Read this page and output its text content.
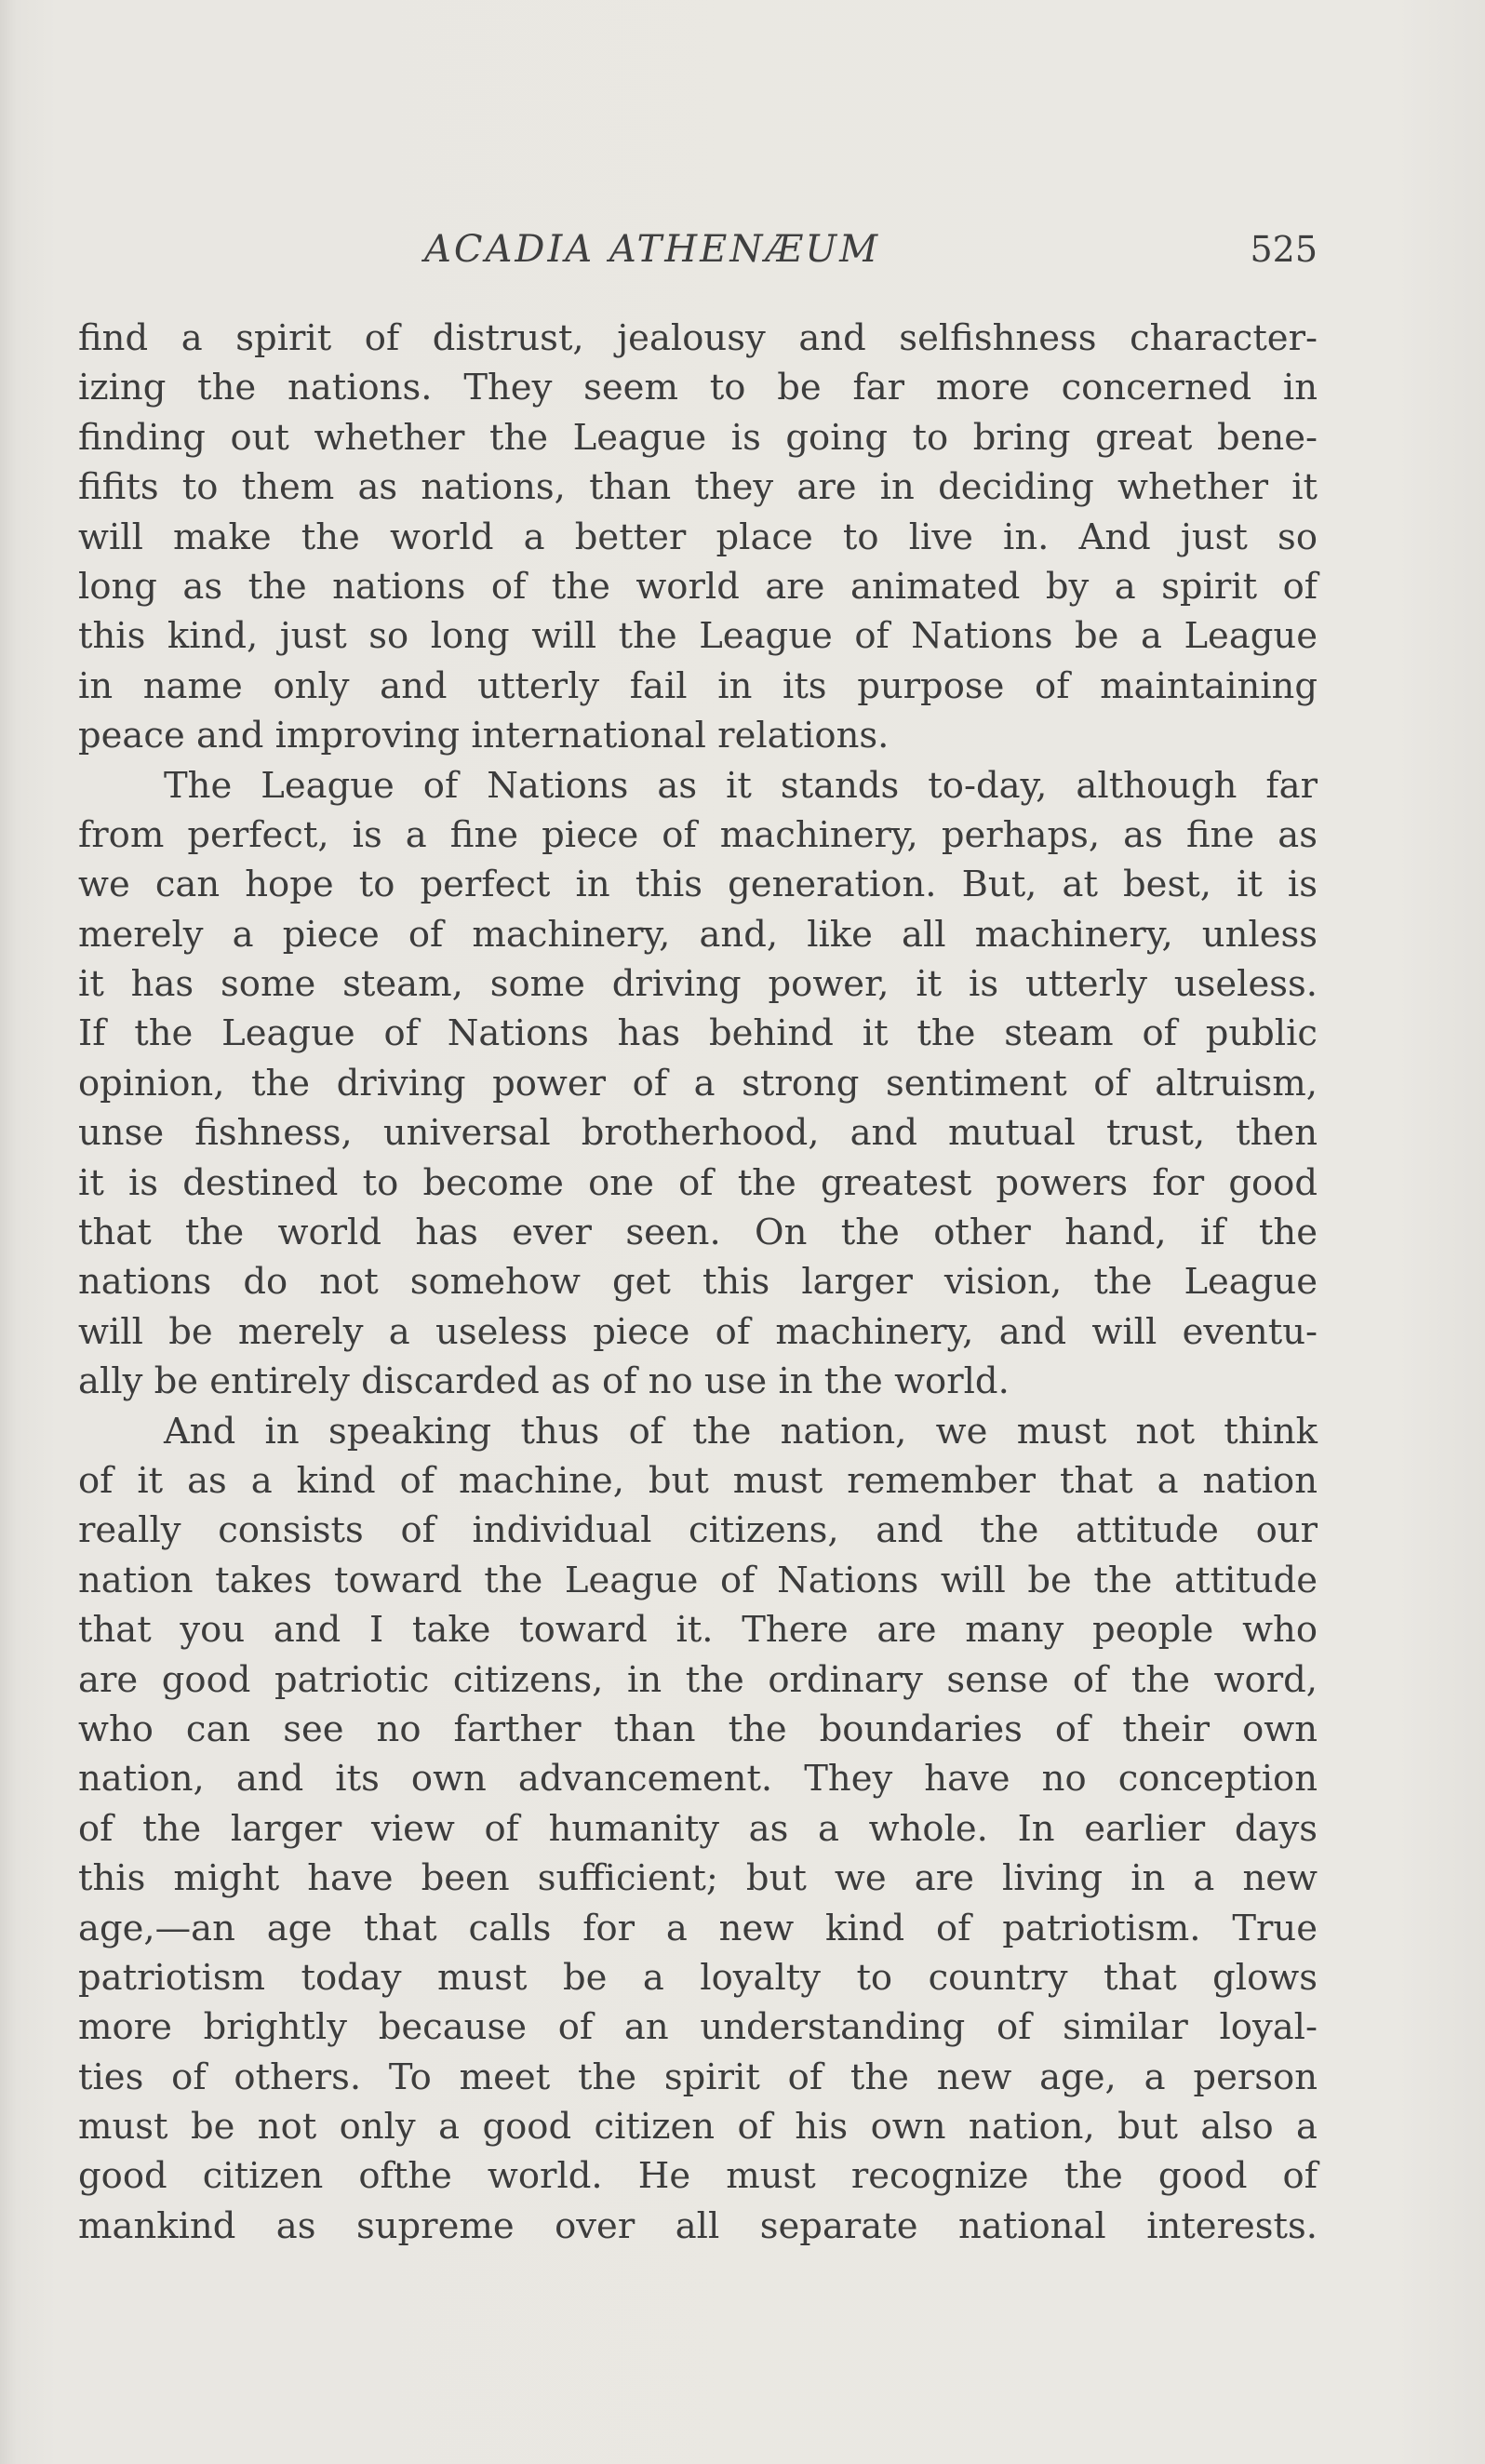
ACADIA ATHENÆUM	525
find a spirit of distrust, jealousy and selfishness character-
izing the nations. They seem to be far more concerned in
finding out whether the League is going to bring great bene-
fifits to them as nations, than they are in deciding whether it
will make the world a better place to live in. And just so
long as the nations of the world are animated by a spirit of
this kind, just so long will the League of Nations be a League
in name only and utterly fail in its purpose of maintaining
peace and improving international relations.
The League of Nations as it stands to-day, although far
from perfect, is a fine piece of machinery, perhaps, as fine as
we can hope to perfect in this generation. But, at best, it is
merely a piece of machinery, and, like all machinery, unless
it has some steam, some driving power, it is utterly useless.
If the League of Nations has behind it the steam of public
opinion, the driving power of a strong sentiment of altruism,
unse fishness, universal brotherhood, and mutual trust, then
it is destined to become one of the greatest powers for good
that the world has ever seen. On the other hand, if the
nations do not somehow get this larger vision, the League
will be merely a useless piece of machinery, and will eventu-
ally be entirely discarded as of no use in the world.
And in speaking thus of the nation, we must not think
of it as a kind of machine, but must remember that a nation
really consists of individual citizens, and the attitude our
nation takes toward the League of Nations will be the attitude
that you and I take toward it. There are many people who
are good patriotic citizens, in the ordinary sense of the word,
who can see no farther than the boundaries of their own
nation, and its own advancement. They have no conception
of the larger view of humanity as a whole. In earlier days
this might have been sufficient; but we are living in a new
age,—an age that calls for a new kind of patriotism. True
patriotism today must be a loyalty to country that glows
more brightly because of an understanding of similar loyal-
ties of others. To meet the spirit of the new age, a person
must be not only a good citizen of his own nation, but also a
good citizen ofthe world. He must recognize the good of
mankind as supreme over all separate national interests.
